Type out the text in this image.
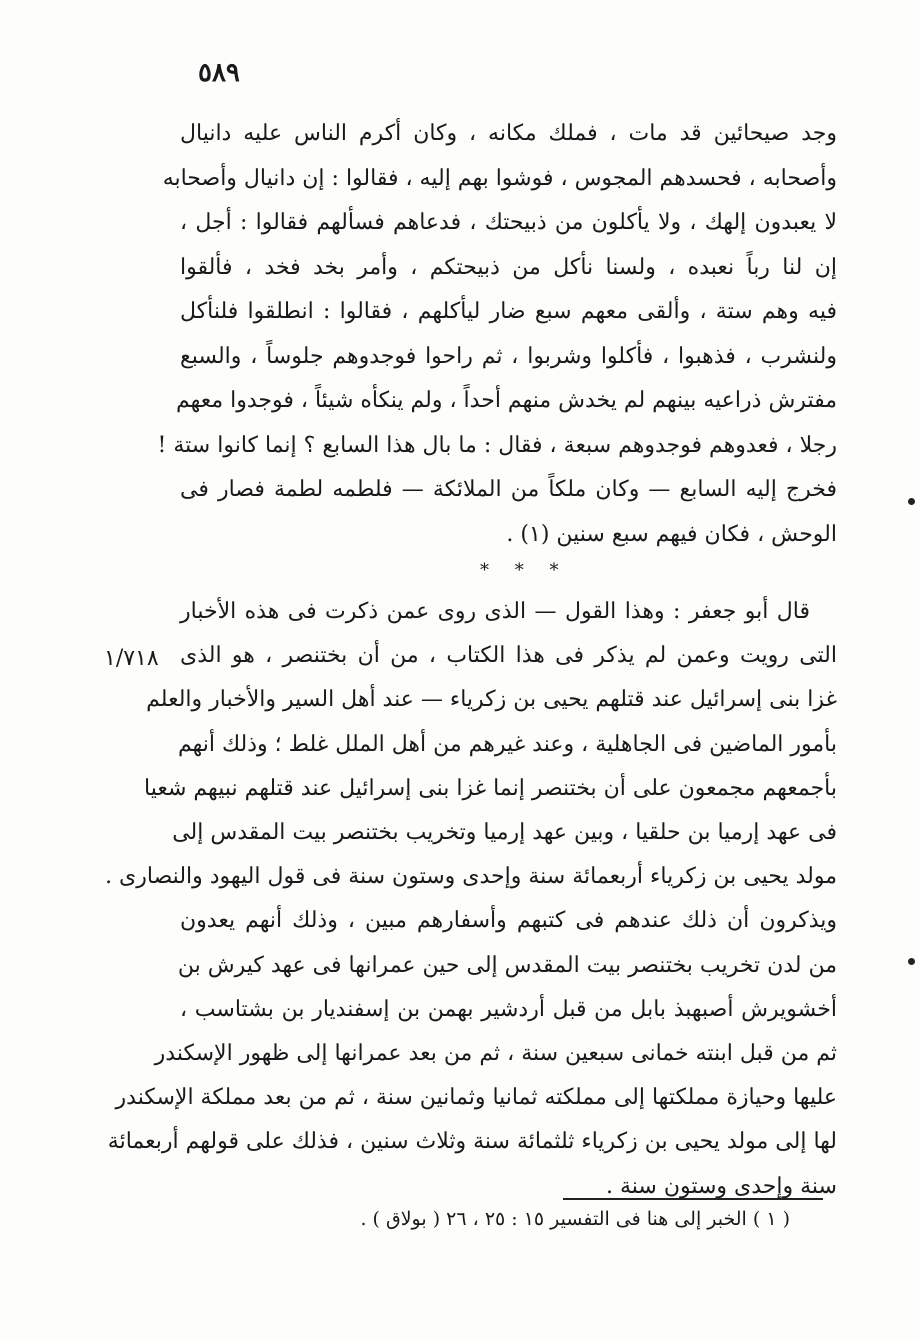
٥٨٩
وجد صيحائين قد مات ، فملك مكانه ، وكان أكرم الناس عليه دانيال
وأصحابه ، فحسدهم المجوس ، فوشوا بهم إليه ، فقالوا : إن دانيال وأصحابه
لا يعبدون إلهك ، ولا يأكلون من ذبيحتك ، فدعاهم فسألهم فقالوا : أجل ،
إن لنا رباً نعبده ، ولسنا نأكل من ذبيحتكم ، وأمر بخد فخد ، فألقوا
فيه وهم ستة ، وألقى معهم سبع ضار ليأكلهم ، فقالوا : انطلقوا فلنأكل
ولنشرب ، فذهبوا ، فأكلوا وشربوا ، ثم راحوا فوجدوهم جلوساً ، والسبع
مفترش ذراعيه بينهم لم يخدش منهم أحداً ، ولم ينكأه شيئاً ، فوجدوا معهم
رجلا ، فعدوهم فوجدوهم سبعة ، فقال : ما بال هذا السابع ؟ إنما كانوا ستة !
فخرج إليه السابع — وكان ملكاً من الملائكة — فلطمه لطمة فصار فى
الوحش ، فكان فيهم سبع سنين (١) .
* * *
١/٧١٨
قال أبو جعفر : وهذا القول — الذى روى عمن ذكرت فى هذه الأخبار
التى رويت وعمن لم يذكر فى هذا الكتاب ، من أن بختنصر ، هو الذى
غزا بنى إسرائيل عند قتلهم يحيى بن زكرياء — عند أهل السير والأخبار والعلم
بأمور الماضين فى الجاهلية ، وعند غيرهم من أهل الملل غلط ؛ وذلك أنهم
بأجمعهم مجمعون على أن بختنصر إنما غزا بنى إسرائيل عند قتلهم نبيهم شعيا
فى عهد إرميا بن حلقيا ، وبين عهد إرميا وتخريب بختنصر بيت المقدس إلى
مولد يحيى بن زكرياء أربعمائة سنة وإحدى وستون سنة فى قول اليهود والنصارى .
ويذكرون أن ذلك عندهم فى كتبهم وأسفارهم مبين ، وذلك أنهم يعدون
من لدن تخريب بختنصر بيت المقدس إلى حين عمرانها فى عهد كيرش بن
أخشويرش أصبهبذ بابل من قبل أردشير بهمن بن إسفنديار بن بشتاسب ،
ثم من قبل ابنته خمانى سبعين سنة ، ثم من بعد عمرانها إلى ظهور الإسكندر
عليها وحيازة مملكتها إلى مملكته ثمانيا وثمانين سنة ، ثم من بعد مملكة الإسكندر
لها إلى مولد يحيى بن زكرياء ثلثمائة سنة وثلاث سنين ، فذلك على قولهم أربعمائة
سنة وإحدى وستون سنة .
( ١ ) الخبر إلى هنا فى التفسير ١٥ : ٢٥ ، ٢٦ ( بولاق ) .
